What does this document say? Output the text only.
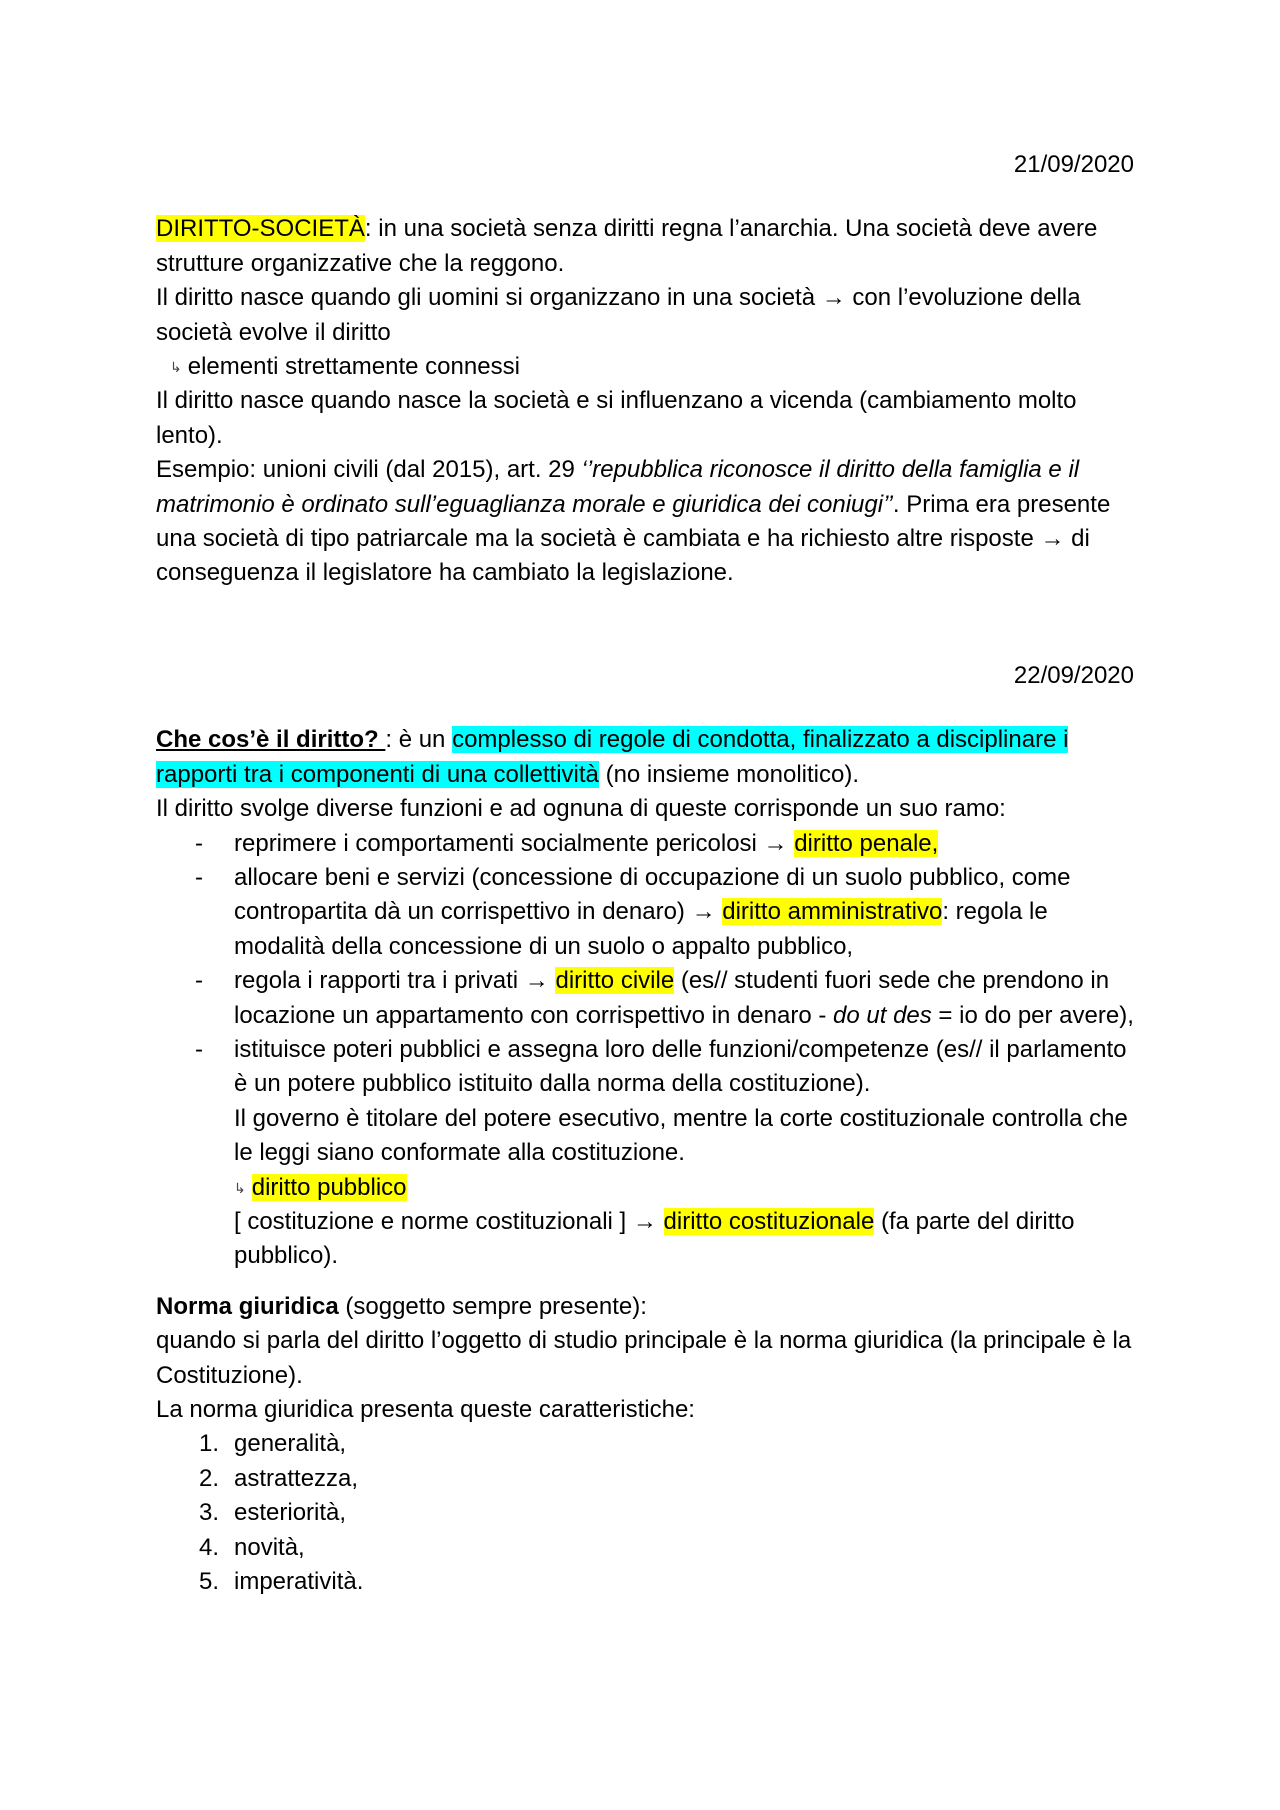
21/09/2020

DIRITTO-SOCIETÀ: in una società senza diritti regna l’anarchia. Una società deve avere strutture organizzative che la reggono.

Il diritto nasce quando gli uomini si organizzano in una società → con l’evoluzione della società evolve il diritto

↳ elementi strettamente connessi

Il diritto nasce quando nasce la società e si influenzano a vicenda (cambiamento molto lento).

Esempio: unioni civili (dal 2015), art. 29 ‘’repubblica riconosce il diritto della famiglia e il matrimonio è ordinato sull’eguaglianza morale e giuridica dei coniugi’’. Prima era presente una società di tipo patriarcale ma la società è cambiata e ha richiesto altre risposte → di conseguenza il legislatore ha cambiato la legislazione.

22/09/2020

Che cos’è il diritto? : è un complesso di regole di condotta, finalizzato a disciplinare i rapporti tra i componenti di una collettività (no insieme monolitico).

Il diritto svolge diverse funzioni e ad ognuna di queste corrisponde un suo ramo:

- reprimere i comportamenti socialmente pericolosi → diritto penale,
- allocare beni e servizi (concessione di occupazione di un suolo pubblico, come contropartita dà un corrispettivo in denaro) → diritto amministrativo: regola le modalità della concessione di un suolo o appalto pubblico,
- regola i rapporti tra i privati → diritto civile (es// studenti fuori sede che prendono in locazione un appartamento con corrispettivo in denaro - do ut des = io do per avere),
- istituisce poteri pubblici e assegna loro delle funzioni/competenze (es// il parlamento è un potere pubblico istituito dalla norma della costituzione).
Il governo è titolare del potere esecutivo, mentre la corte costituzionale controlla che le leggi siano conformate alla costituzione.
↳ diritto pubblico
[ costituzione e norme costituzionali ] → diritto costituzionale (fa parte del diritto pubblico).

Norma giuridica (soggetto sempre presente):

quando si parla del diritto l’oggetto di studio principale è la norma giuridica (la principale è la Costituzione).

La norma giuridica presenta queste caratteristiche:

1. generalità,
2. astrattezza,
3. esteriorità,
4. novità,
5. imperatività.
